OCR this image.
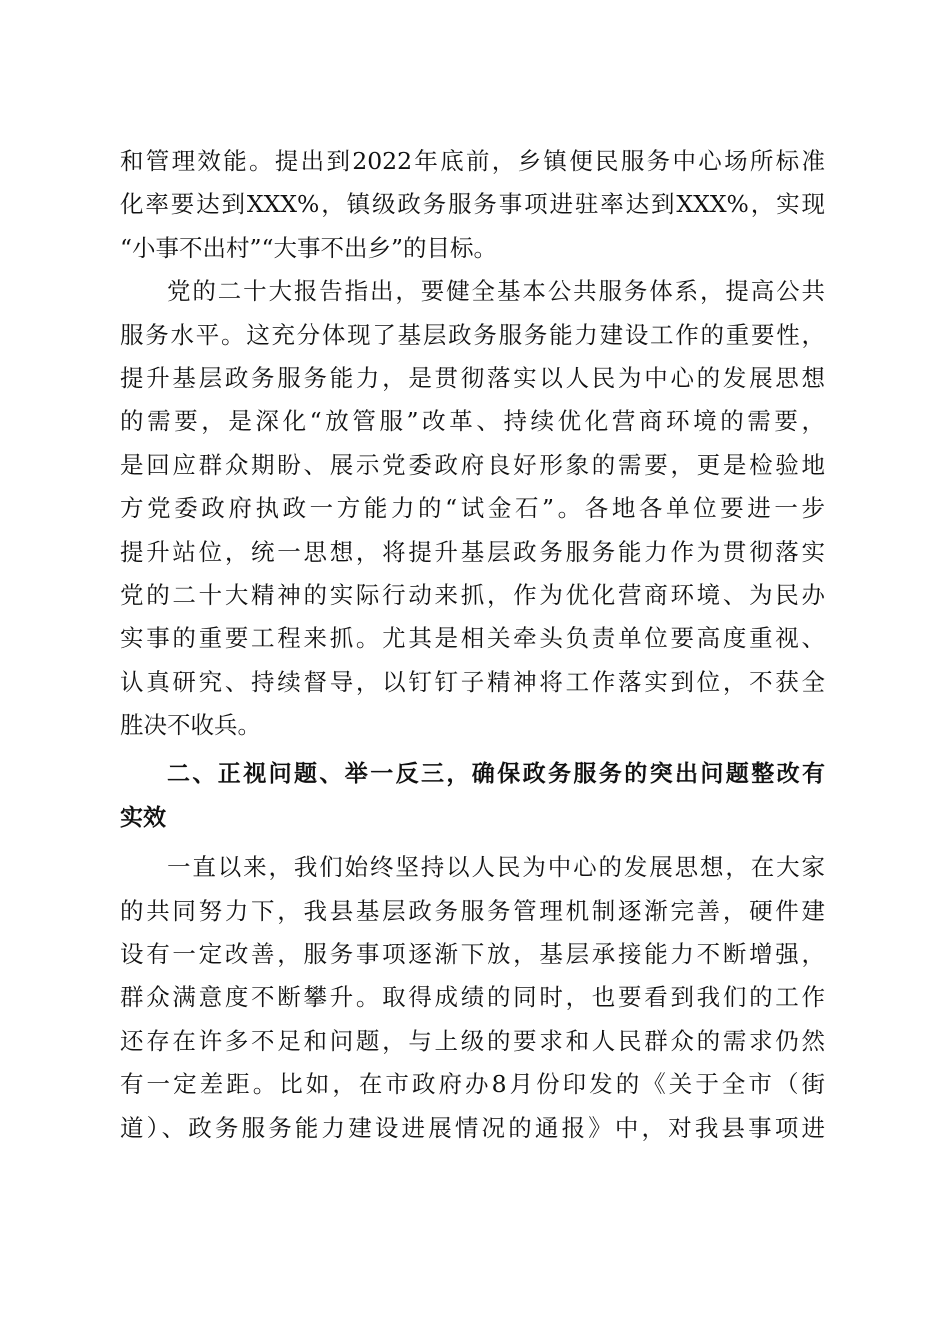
和管理效能。提出到2022年底前，乡镇便民服务中心场所标准
化率要达到XXX%，镇级政务服务事项进驻率达到XXX%，实现
“小事不出村”“大事不出乡”的目标。
党的二十大报告指出，要健全基本公共服务体系，提高公共
服务水平。这充分体现了基层政务服务能力建设工作的重要性，
提升基层政务服务能力，是贯彻落实以人民为中心的发展思想
的需要，是深化“放管服”改革、持续优化营商环境的需要，
是回应群众期盼、展示党委政府良好形象的需要，更是检验地
方党委政府执政一方能力的“试金石”。各地各单位要进一步
提升站位，统一思想，将提升基层政务服务能力作为贯彻落实
党的二十大精神的实际行动来抓，作为优化营商环境、为民办
实事的重要工程来抓。尤其是相关牵头负责单位要高度重视、
认真研究、持续督导，以钉钉子精神将工作落实到位，不获全
胜决不收兵。
二、正视问题、举一反三，确保政务服务的突出问题整改有
实效
一直以来，我们始终坚持以人民为中心的发展思想，在大家
的共同努力下，我县基层政务服务管理机制逐渐完善，硬件建
设有一定改善，服务事项逐渐下放，基层承接能力不断增强，
群众满意度不断攀升。取得成绩的同时，也要看到我们的工作
还存在许多不足和问题，与上级的要求和人民群众的需求仍然
有一定差距。比如，在市政府办8月份印发的《关于全市（街
道）、政务服务能力建设进展情况的通报》中，对我县事项进
